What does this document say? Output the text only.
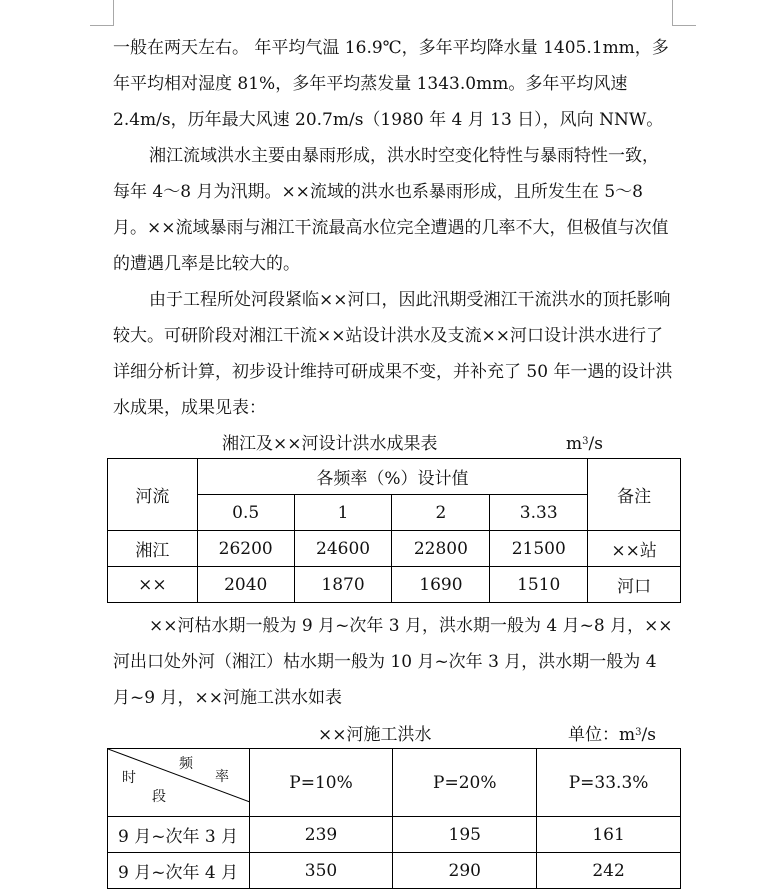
一般在两天左右。 年平均气温 16.9℃，多年平均降水量 1405.1mm，多年平均相对湿度 81%，多年平均蒸发量 1343.0mm。多年平均风速 2.4m/s，历年最大风速 20.7m/s（1980 年 4 月 13 日），风向 NNW。

湘江流域洪水主要由暴雨形成，洪水时空变化特性与暴雨特性一致，每年 4～8 月为汛期。××流域的洪水也系暴雨形成，且所发生在 5～8 月。××流域暴雨与湘江干流最高水位完全遭遇的几率不大，但极值与次值的遭遇几率是比较大的。

由于工程所处河段紧临××河口，因此汛期受湘江干流洪水的顶托影响较大。可研阶段对湘江干流××站设计洪水及支流××河口设计洪水进行了详细分析计算，初步设计维持可研成果不变，并补充了 50 年一遇的设计洪水成果，成果见表：

湘江及××河设计洪水成果表	$m^3/s$
河流	各频率（%）设计值				备注
	0.5	1	2	3.33	
湘江	26200	24600	22800	21500	××站
××	2040	1870	1690	1510	河口

××河枯水期一般为 9 月~次年 3 月，洪水期一般为 4 月~8 月，××河出口处外河（湘江）枯水期一般为 10 月~次年 3 月，洪水期一般为 4 月~9 月，××河施工洪水如表

××河施工洪水	单位：$m^3/s$
时
段
频
率	P=10%	P=20%	P=33.3%
9 月~次年 3 月	239	195	161
9 月~次年 4 月	350	290	242
